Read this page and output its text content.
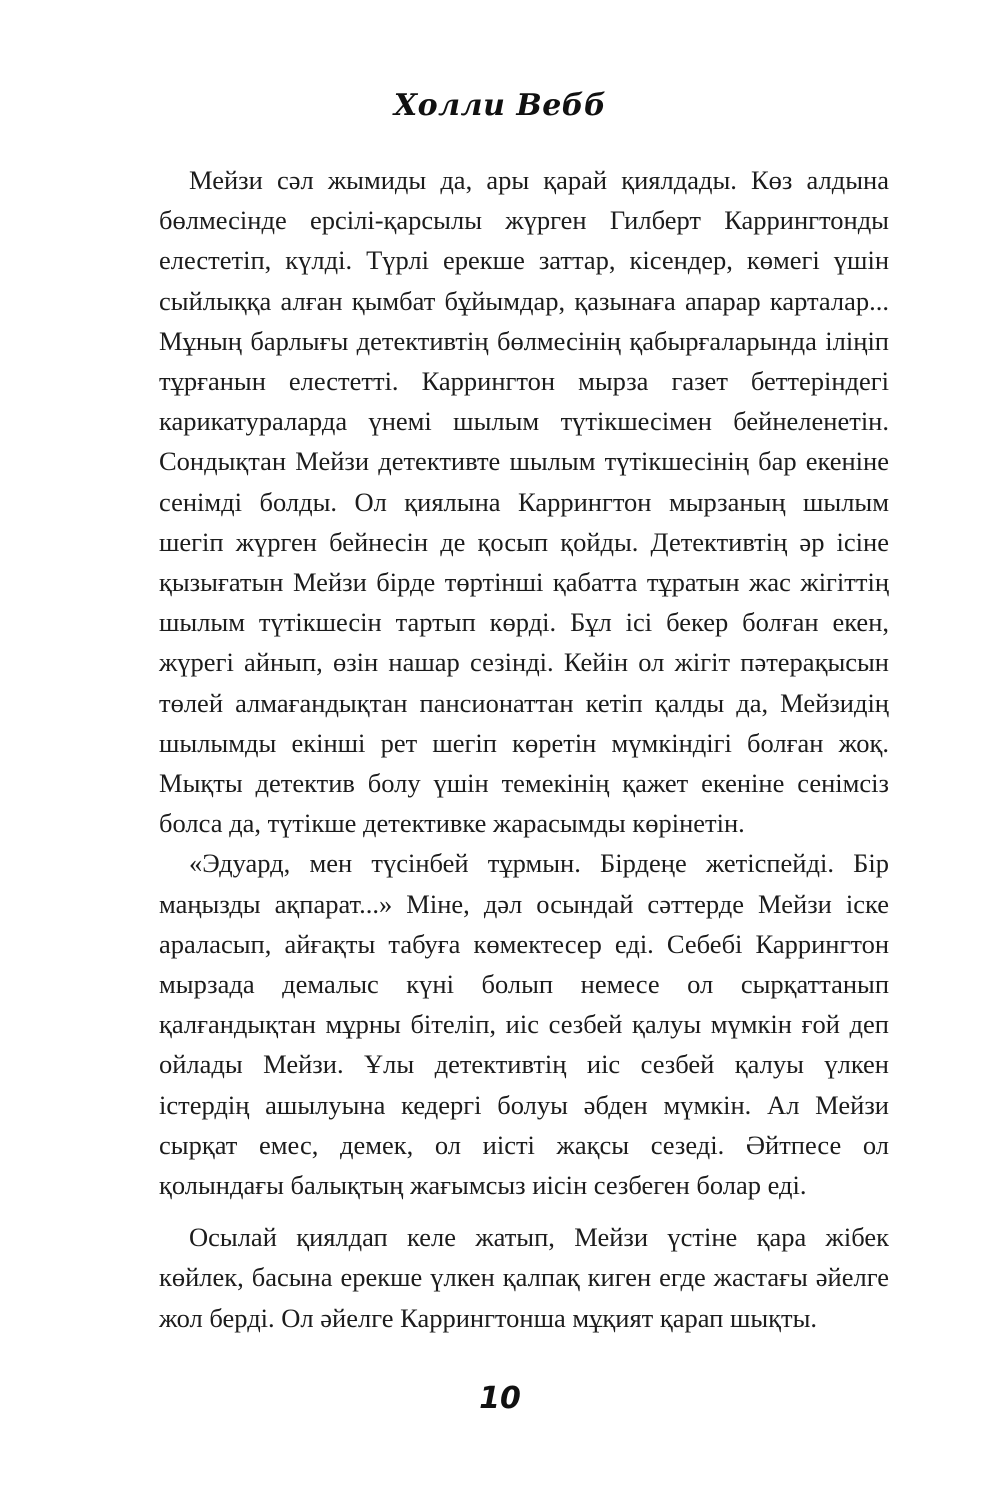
Холли Вебб

Мейзи сәл жымиды да, ары қарай қиялдады. Көз алдына бөлмесінде ерсілі-қарсылы жүрген Гилберт Каррингтонды елестетіп, күлді. Түрлі ерекше заттар, кісендер, көмегі үшін сыйлыққа алған қымбат бұйымдар, қазынаға апарар карталар... Мұның барлығы детективтің бөлмесінің қабырғаларында іліңіп тұрғанын елестетті. Каррингтон мырза газет беттеріндегі карикатураларда үнемі шылым түтікшесімен бейнеленетін. Сондықтан Мейзи детективте шылым түтікшесінің бар екеніне сенімді болды. Ол қиялына Каррингтон мырзаның шылым шегіп жүрген бейнесін де қосып қойды. Детективтің әр ісіне қызығатын Мейзи бірде төртінші қабатта тұратын жас жігіттің шылым түтікшесін тартып көрді. Бұл ісі бекер болған екен, жүрегі айнып, өзін нашар сезінді. Кейін ол жігіт пәтерақысын төлей алмағандықтан пансионаттан кетіп қалды да, Мейзидің шылымды екінші рет шегіп көретін мүмкіндігі болған жоқ. Мықты детектив болу үшін темекінің қажет екеніне сенімсіз болса да, түтікше детективке жарасымды көрінетін.

«Эдуард, мен түсінбей тұрмын. Бірдеңе жетіспейді. Бір маңызды ақпарат...» Міне, дәл осындай сәттерде Мейзи іске араласып, айғақты табуға көмектесер еді. Себебі Каррингтон мырзада демалыс күні болып немесе ол сырқаттанып қалғандықтан мұрны бітеліп, иіс сезбей қалуы мүмкін ғой деп ойлады Мейзи. Ұлы детективтің иіс сезбей қалуы үлкен істердің ашылуына кедергі болуы әбден мүмкін. Ал Мейзи сырқат емес, демек, ол иісті жақсы сезеді. Әйтпесе ол қолындағы балықтың жағымсыз иісін сезбеген болар еді.

Осылай қиялдап келе жатып, Мейзи үстіне қара жібек көйлек, басына ерекше үлкен қалпақ киген егде жастағы әйелге жол берді. Ол әйелге Каррингтонша мұқият қарап шықты.

10
